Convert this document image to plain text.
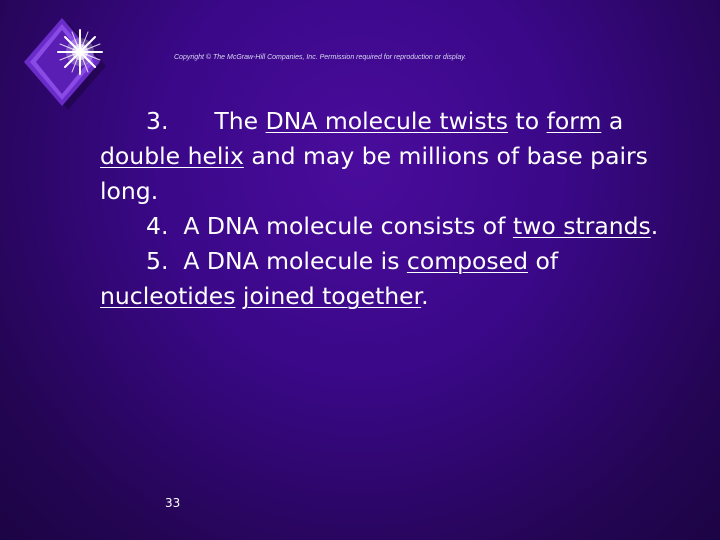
Copyright © The McGraw-Hill Companies, Inc. Permission required for reproduction or display.

3. The DNA molecule twists to form a double helix and may be millions of base pairs long.

4. A DNA molecule consists of two strands.

5. A DNA molecule is composed of nucleotides joined together.

33
